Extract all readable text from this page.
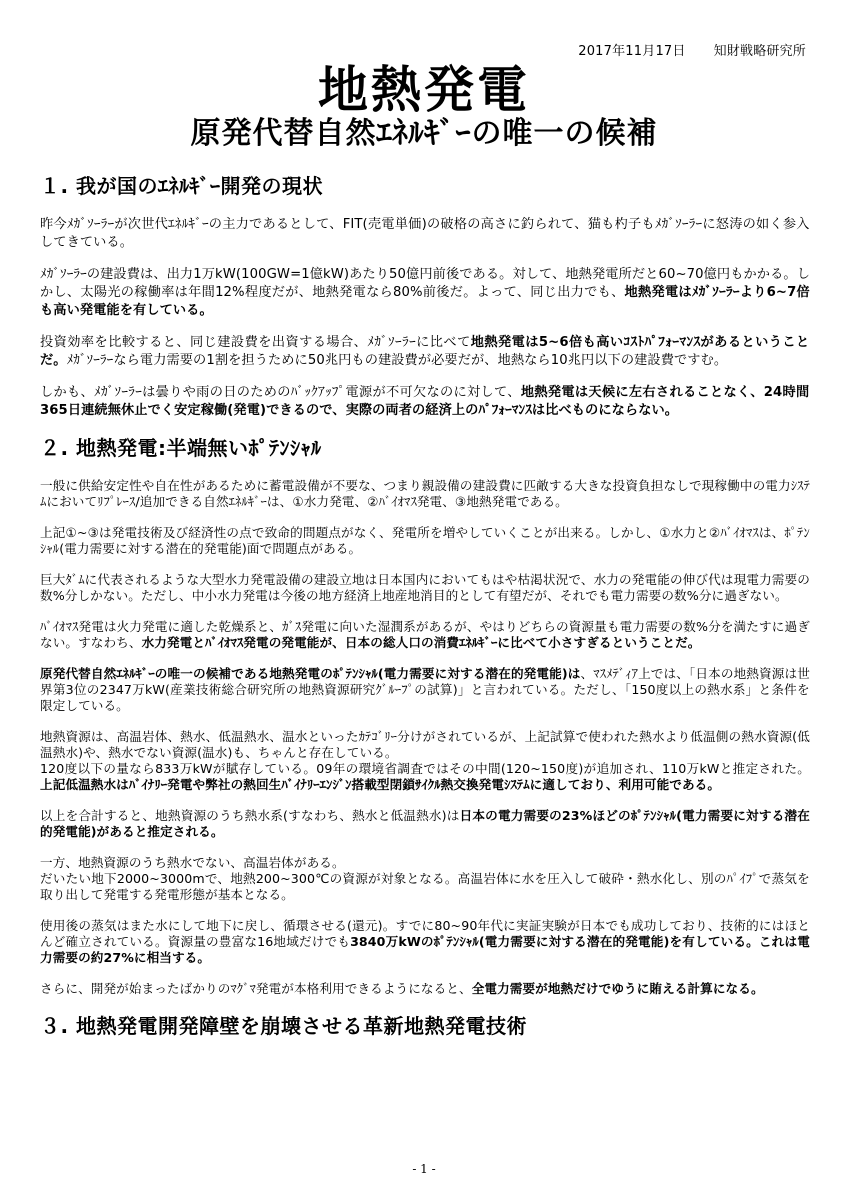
2017年11月17日 知財戦略研究所
地熱発電
原発代替自然ｴﾈﾙｷﾞｰの唯一の候補
１. 我が国のｴﾈﾙｷﾞｰ開発の現状

昨今ﾒｶﾞｿｰﾗｰが次世代ｴﾈﾙｷﾞｰの主力であるとして、FIT(売電単価)の破格の高さに釣られて、猫も杓子もﾒｶﾞｿｰﾗｰに怒涛の如く参入してきている。

ﾒｶﾞｿｰﾗｰの建設費は、出力1万kW(100GW=1億kW)あたり50億円前後である。対して、地熱発電所だと60~70億円もかかる。しかし、太陽光の稼働率は年間12%程度だが、地熱発電なら80%前後だ。よって、同じ出力でも、地熱発電はﾒｶﾞｿｰﾗｰより6~7倍も高い発電能を有している。

投資効率を比較すると、同じ建設費を出資する場合、ﾒｶﾞｿｰﾗｰに比べて地熱発電は5~6倍も高いｺｽﾄﾊﾟﾌｫｰﾏﾝｽがあるということだ。ﾒｶﾞｿｰﾗｰなら電力需要の1割を担うために50兆円もの建設費が必要だが、地熱なら10兆円以下の建設費ですむ。

しかも、ﾒｶﾞｿｰﾗｰは曇りや雨の日のためのﾊﾞｯｸｱｯﾌﾟ電源が不可欠なのに対して、地熱発電は天候に左右されることなく、24時間365日連続無休止でく安定稼働(発電)できるので、実際の両者の経済上のﾊﾟﾌｫｰﾏﾝｽは比べものにならない。

２. 地熱発電:半端無いﾎﾟﾃﾝｼｬﾙ

一般に供給安定性や自在性があるために蓄電設備が不要な、つまり親設備の建設費に匹敵する大きな投資負担なしで現稼働中の電力ｼｽﾃﾑにおいてﾘﾌﾟﾚｰｽ/追加できる自然ｴﾈﾙｷﾞｰは、①水力発電、②ﾊﾞｲｵﾏｽ発電、③地熱発電である。

上記①~③は発電技術及び経済性の点で致命的問題点がなく、発電所を増やしていくことが出来る。しかし、①水力と②ﾊﾞｲｵﾏｽは、ﾎﾟﾃﾝｼｬﾙ(電力需要に対する潜在的発電能)面で問題点がある。

巨大ﾀﾞﾑに代表されるような大型水力発電設備の建設立地は日本国内においてもはや枯渇状況で、水力の発電能の伸び代は現電力需要の数%分しかない。ただし、中小水力発電は今後の地方経済上地産地消目的として有望だが、それでも電力需要の数%分に過ぎない。

ﾊﾞｲｵﾏｽ発電は火力発電に適した乾燥系と、ｶﾞｽ発電に向いた湿潤系があるが、やはりどちらの資源量も電力需要の数%分を満たすに過ぎない。すなわち、水力発電とﾊﾞｲｵﾏｽ発電の発電能が、日本の総人口の消費ｴﾈﾙｷﾞｰに比べて小さすぎるということだ。

原発代替自然ｴﾈﾙｷﾞｰの唯一の候補である地熱発電のﾎﾟﾃﾝｼｬﾙ(電力需要に対する潜在的発電能)は、ﾏｽﾒﾃﾞｨｱ上では、「日本の地熱資源は世界第3位の2347万kW(産業技術総合研究所の地熱資源研究ｸﾞﾙｰﾌﾟの試算)」と言われている。ただし、「150度以上の熱水系」と条件を限定している。

地熱資源は、高温岩体、熱水、低温熱水、温水といったｶﾃｺﾞﾘｰ分けがされているが、上記試算で使われた熱水より低温側の熱水資源(低温熱水)や、熱水でない資源(温水)も、ちゃんと存在している。
120度以下の量なら833万kWが賦存している。09年の環境省調査ではその中間(120~150度)が追加され、110万kWと推定された。上記低温熱水はﾊﾞｲﾅﾘｰ発電や弊社の熱回生ﾊﾞｲﾅﾘｰｴﾝｼﾞﾝ搭載型閉鎖ｻｲｸﾙ熱交換発電ｼｽﾃﾑに適しており、利用可能である。

以上を合計すると、地熱資源のうち熱水系(すなわち、熱水と低温熱水)は日本の電力需要の23%ほどのﾎﾟﾃﾝｼｬﾙ(電力需要に対する潜在的発電能)があると推定される。

一方、地熱資源のうち熱水でない、高温岩体がある。
だいたい地下2000~3000mで、地熱200~300℃の資源が対象となる。高温岩体に水を圧入して破砕・熱水化し、別のﾊﾟｲﾌﾟで蒸気を取り出して発電する発電形態が基本となる。

使用後の蒸気はまた水にして地下に戻し、循環させる(還元)。すでに80~90年代に実証実験が日本でも成功しており、技術的にはほとんど確立されている。資源量の豊富な16地域だけでも3840万kWのﾎﾟﾃﾝｼｬﾙ(電力需要に対する潜在的発電能)を有している。これは電力需要の約27%に相当する。

さらに、開発が始まったばかりのﾏｸﾞﾏ発電が本格利用できるようになると、全電力需要が地熱だけでゆうに賄える計算になる。

３. 地熱発電開発障壁を崩壊させる革新地熱発電技術
- 1 -
